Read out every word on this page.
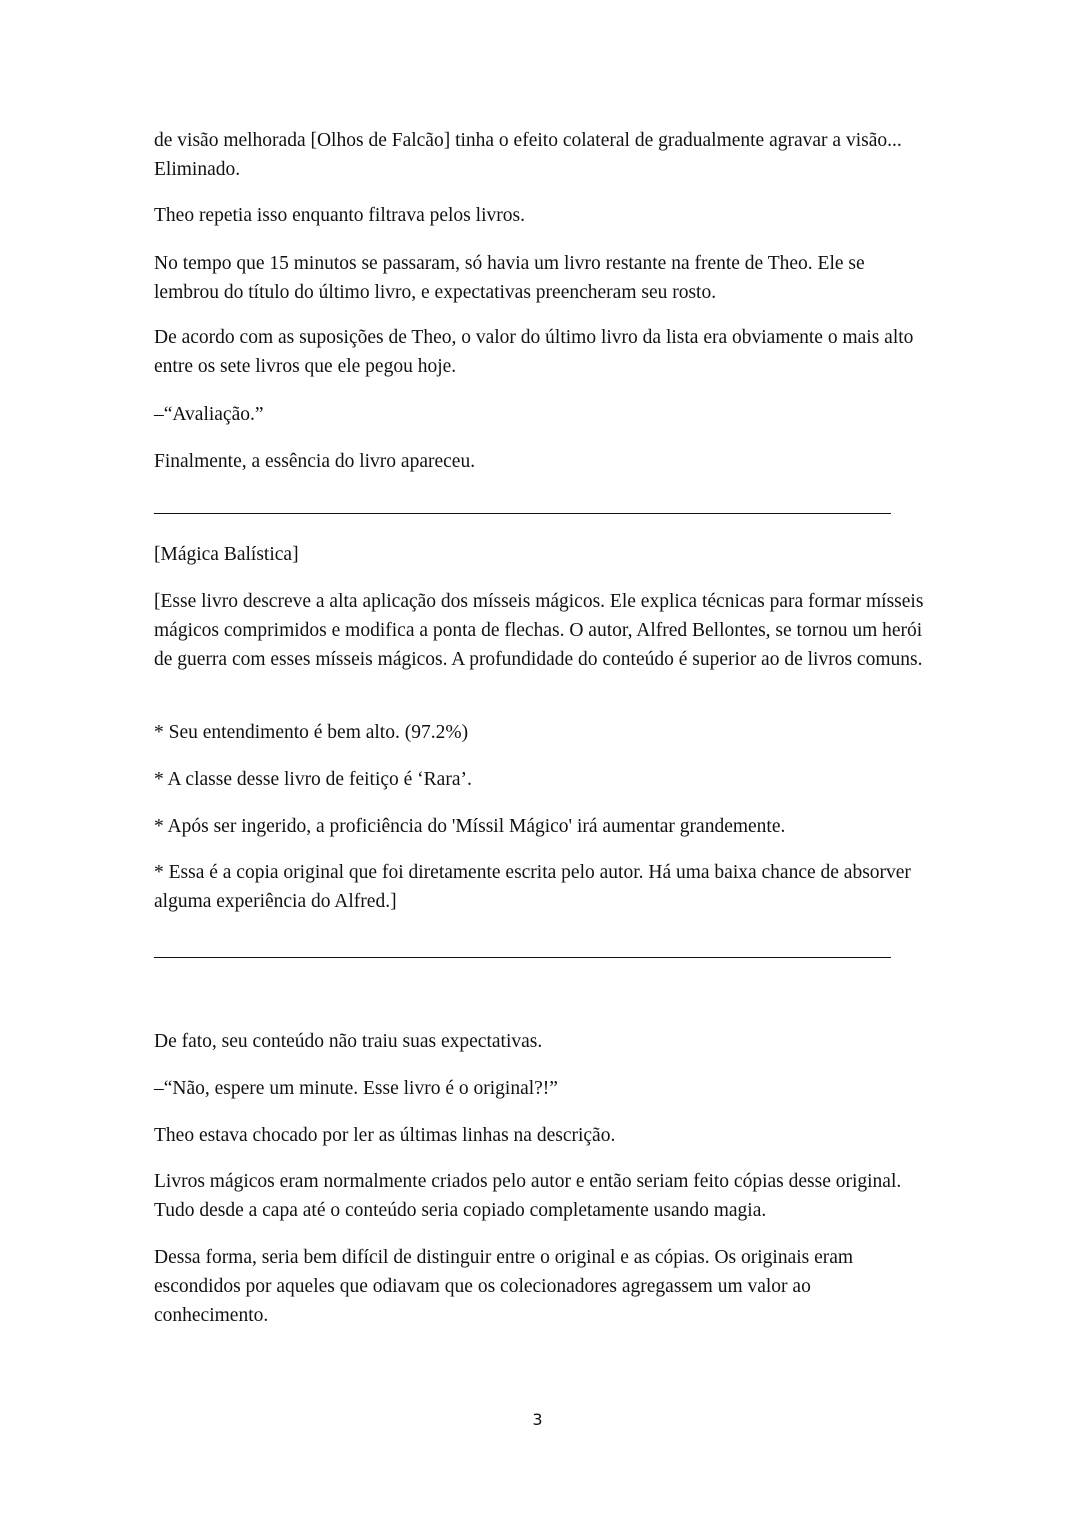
de visão melhorada [Olhos de Falcão] tinha o efeito colateral de gradualmente agravar a visão... Eliminado.

Theo repetia isso enquanto filtrava pelos livros.

No tempo que 15 minutos se passaram, só havia um livro restante na frente de Theo. Ele se lembrou do título do último livro, e expectativas preencheram seu rosto.

De acordo com as suposições de Theo, o valor do último livro da lista era obviamente o mais alto entre os sete livros que ele pegou hoje.

–“Avaliação.”

Finalmente, a essência do livro apareceu.

[Mágica Balística]

[Esse livro descreve a alta aplicação dos mísseis mágicos. Ele explica técnicas para formar mísseis mágicos comprimidos e modifica a ponta de flechas. O autor, Alfred Bellontes, se tornou um herói de guerra com esses mísseis mágicos. A profundidade do conteúdo é superior ao de livros comuns.

* Seu entendimento é bem alto. (97.2%)

* A classe desse livro de feitiço é ‘Rara’.

* Após ser ingerido, a proficiência do 'Míssil Mágico' irá aumentar grandemente.

* Essa é a copia original que foi diretamente escrita pelo autor. Há uma baixa chance de absorver alguma experiência do Alfred.]

De fato, seu conteúdo não traiu suas expectativas.

–“Não, espere um minute. Esse livro é o original?!”

Theo estava chocado por ler as últimas linhas na descrição.

Livros mágicos eram normalmente criados pelo autor e então seriam feito cópias desse original. Tudo desde a capa até o conteúdo seria copiado completamente usando magia.

Dessa forma, seria bem difícil de distinguir entre o original e as cópias. Os originais eram escondidos por aqueles que odiavam que os colecionadores agregassem um valor ao conhecimento.

3
